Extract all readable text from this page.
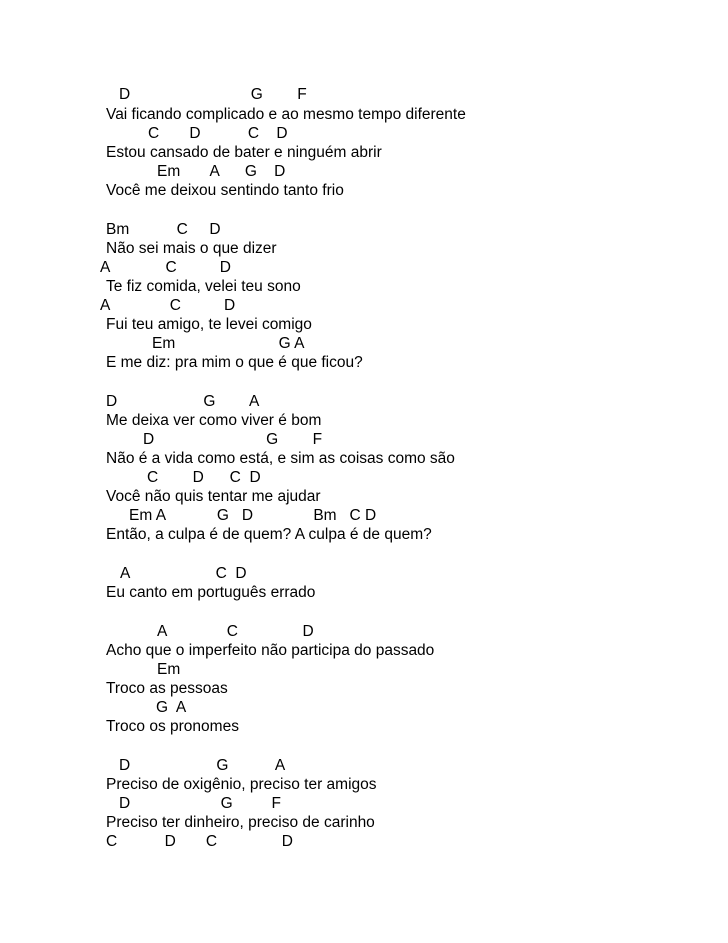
D                            G        F

Vai ficando complicado e ao mesmo tempo diferente

C       D           C    D

Estou cansado de bater e ninguém abrir

Em       A      G    D

Você me deixou sentindo tanto frio

Bm           C     D

Não sei mais o que dizer

A             C          D

Te fiz comida, velei teu sono

A              C          D

Fui teu amigo, te levei comigo

Em                        G A

E me diz: pra mim o que é que ficou?

D                    G        A

Me deixa ver como viver é bom

D                          G        F

Não é a vida como está, e sim as coisas como são

C        D      C  D

Você não quis tentar me ajudar

Em A            G   D              Bm   C D

Então, a culpa é de quem? A culpa é de quem?

A                    C  D

Eu canto em português errado

A              C               D

Acho que o imperfeito não participa do passado

Em

Troco as pessoas

G  A

Troco os pronomes

D                    G           A

Preciso de oxigênio, preciso ter amigos

D                     G         F

Preciso ter dinheiro, preciso de carinho

C           D       C               D
